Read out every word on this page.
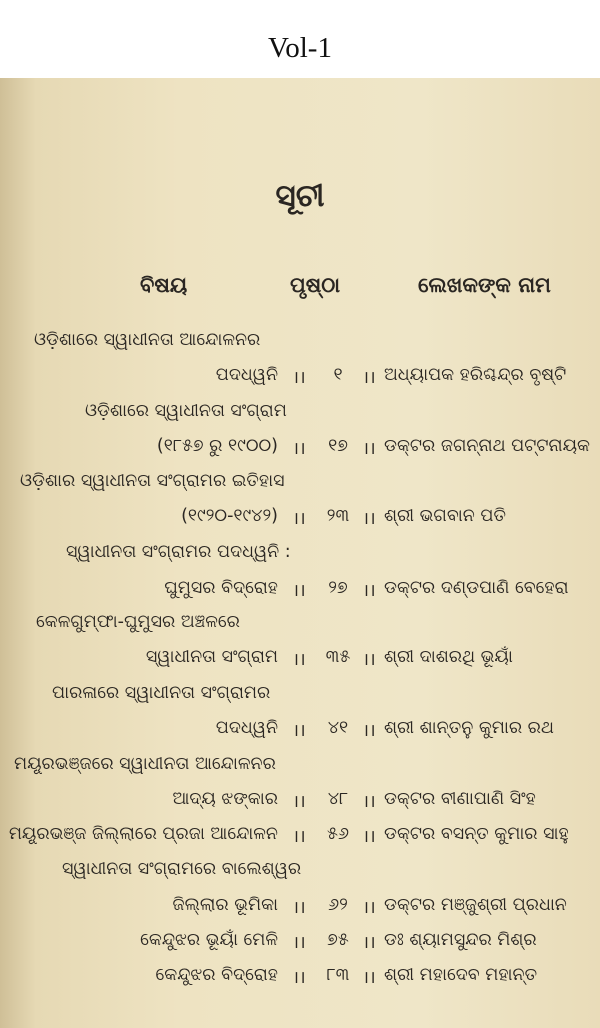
Vol-1
ସୂଚୀ
ବିଷୟ	ପୃଷ୍ଠା	ଲେଖକଙ୍କ ନାମ
ଓଡ଼ିଶାରେ ସ୍ୱାଧୀନତା ଆନ୍ଦୋଳନର
ପଦଧ୍ୱନି ।।	୧	।। ଅଧ୍ୟାପକ ହରିଶ୍ଚନ୍ଦ୍ର ବୃଷ୍ଟି
ଓଡ଼ିଶାରେ ସ୍ୱାଧୀନତା ସଂଗ୍ରାମ
(୧୮୫୭ ରୁ ୧୯୦୦) ।।	୧୭ ।। ଡକ୍ଟର ଜଗନ୍ନାଥ ପଟ୍ଟନାୟକ
ଓଡ଼ିଶାର ସ୍ୱାଧୀନତା ସଂଗ୍ରାମର ଇତିହାସ
(୧୯୨୦-୧୯୪୨) ।।	୨୩ ।। ଶ୍ରୀ ଭଗବାନ ପତି
ସ୍ୱାଧୀନତା ସଂଗ୍ରାମର ପଦଧ୍ୱନି :
ଘୁମୁସର ବିଦ୍ରୋହ ।।	୨୭ ।। ଡକ୍ଟର ଦଣ୍ଡପାଣି ବେହେରା
କେଳଗୁମ୍ଫା-ଘୁମୁସର ଅଞ୍ଚଳରେ
ସ୍ୱାଧୀନତା ସଂଗ୍ରାମ ।।	୩୫ ।। ଶ୍ରୀ ଦାଶରଥି ଭୂୟାଁ
ପାରଳାରେ ସ୍ୱାଧୀନତା ସଂଗ୍ରାମର
ପଦଧ୍ୱନି ।।	୪୧ ।। ଶ୍ରୀ ଶାନ୍ତନୁ କୁମାର ରଥ
ମୟୂରଭଞ୍ଜରେ ସ୍ୱାଧୀନତା ଆନ୍ଦୋଳନର
ଆଦ୍ୟ ଝଙ୍କାର ।।	୪୮ ।। ଡକ୍ଟର ବୀଣାପାଣି ସିଂହ
ମୟୂରଭଞ୍ଜ ଜିଲ୍ଲାରେ ପ୍ରଜା ଆନ୍ଦୋଳନ ।।	୫୬ ।। ଡକ୍ଟର ବସନ୍ତ କୁମାର ସାହୁ
ସ୍ୱାଧୀନତା ସଂଗ୍ରାମରେ ବାଲେଶ୍ୱର
ଜିଲ୍ଲାର ଭୂମିକା ।।	୬୨ ।। ଡକ୍ଟର ମଞ୍ଜୁଶ୍ରୀ ପ୍ରଧାନ
କେନ୍ଦୁଝର ଭୂୟାଁ ମେଳି ।।	୭୫ ।। ଡଃ ଶ୍ୟାମସୁନ୍ଦର ମିଶ୍ର
କେନ୍ଦୁଝର ବିଦ୍ରୋହ ।।	୮୩ ।। ଶ୍ରୀ ମହାଦେବ ମହାନ୍ତ
